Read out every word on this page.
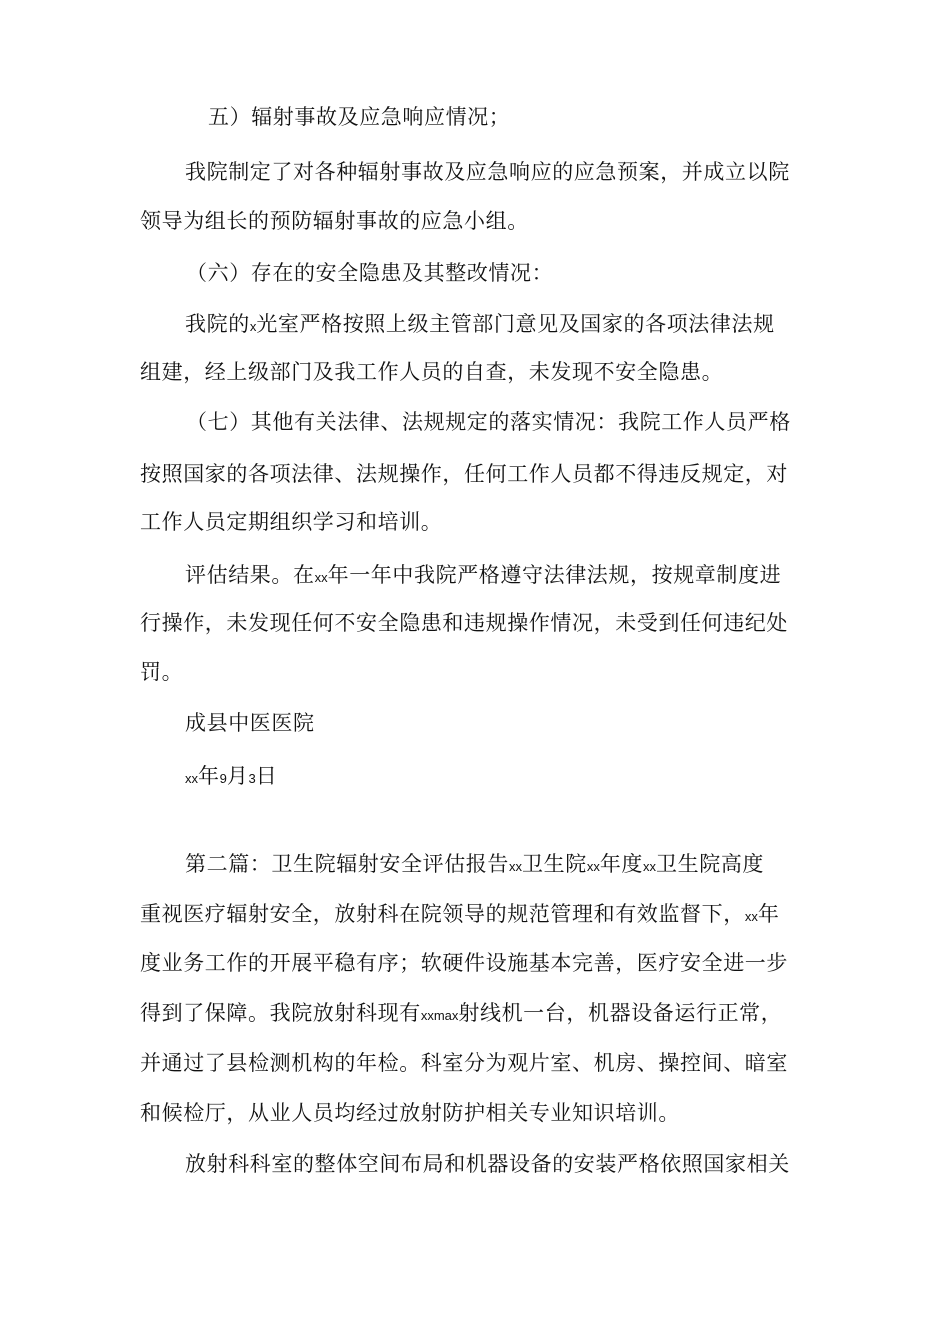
五）辐射事故及应急响应情况；
我院制定了对各种辐射事故及应急响应的应急预案，并成立以院
领导为组长的预防辐射事故的应急小组。
（六）存在的安全隐患及其整改情况：
我院的x光室严格按照上级主管部门意见及国家的各项法律法规
组建，经上级部门及我工作人员的自查，未发现不安全隐患。
（七）其他有关法律、法规规定的落实情况：我院工作人员严格
按照国家的各项法律、法规操作，任何工作人员都不得违反规定，对
工作人员定期组织学习和培训。
评估结果。在xx年一年中我院严格遵守法律法规，按规章制度进
行操作，未发现任何不安全隐患和违规操作情况，未受到任何违纪处
罚。
成县中医医院
xx年9月3日
第二篇：卫生院辐射安全评估报告xx卫生院xx年度xx卫生院高度
重视医疗辐射安全，放射科在院领导的规范管理和有效监督下，xx年
度业务工作的开展平稳有序；软硬件设施基本完善，医疗安全进一步
得到了保障。我院放射科现有xxmax射线机一台，机器设备运行正常，
并通过了县检测机构的年检。科室分为观片室、机房、操控间、暗室
和候检厅，从业人员均经过放射防护相关专业知识培训。
放射科科室的整体空间布局和机器设备的安装严格依照国家相关
